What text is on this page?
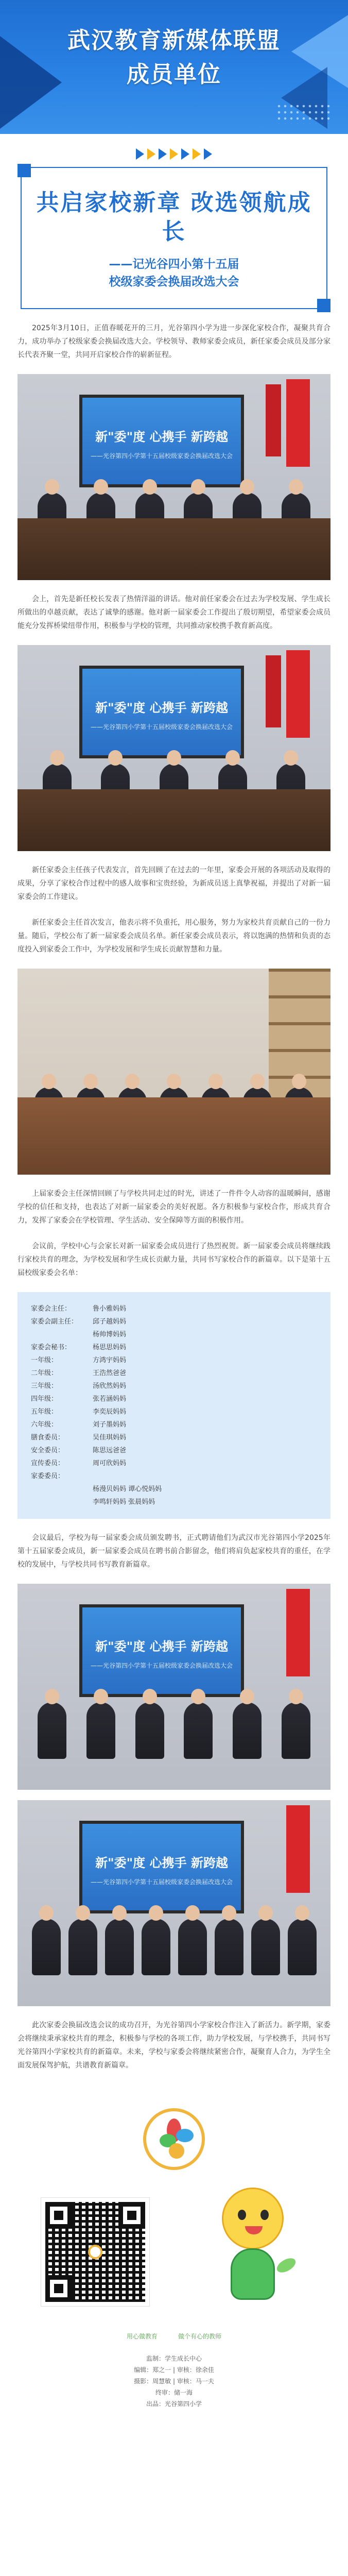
武汉教育新媒体联盟
成员单位
共启家校新章 改选领航成长
——记光谷四小第十五届
校级家委会换届改选大会

2025年3月10日，正值春暖花开的三月，光谷第四小学为进一步深化家校合作，凝聚共育合力，成功举办了校级家委会换届改选大会。学校领导、教师家委会成员，新任家委会成员及部分家长代表齐聚一堂，共同开启家校合作的崭新征程。

新"委"度 心携手 新跨越
——光谷第四小学第十五届校级家委会换届改选大会

会上，首先是新任校长发表了热情洋溢的讲话。他对前任家委会在过去为学校发展、学生成长所做出的卓越贡献，表达了诚挚的感谢。他对新一届家委会工作提出了殷切期望，希望家委会成员能充分发挥桥梁纽带作用，积极参与学校的管理，共同推动家校携手教育新高度。

新"委"度 心携手 新跨越
——光谷第四小学第十五届校级家委会换届改选大会

新任家委会主任孩子代表发言，首先回顾了在过去的一年里，家委会开展的各项活动及取得的成果，分享了家校合作过程中的感人故事和宝贵经验，为新成员送上真挚祝福，并提出了对新一届家委会的工作建议。

新任家委会主任首次发言，他表示将不负重托，用心服务，努力为家校共育贡献自己的一份力量。随后，学校公布了新一届家委会成员名单。新任家委会成员表示，将以饱满的热情和负责的态度投入到家委会工作中，为学校发展和学生成长贡献智慧和力量。

上届家委会主任深情回顾了与学校共同走过的时光，讲述了一件件令人动容的温暖瞬间，感谢学校的信任和支持，也表达了对新一届家委会的美好祝愿。各方积极参与家校合作，形成共育合力，发挥了家委会在学校管理、学生活动、安全保障等方面的积极作用。

会议前，学校中心与会家长对新一届家委会成员进行了热烈祝贺。新一届家委会成员将继续践行家校共育的理念，为学校发展和学生成长贡献力量，共同书写家校合作的新篇章。以下是第十五届校级家委会名单：

家委会主任：	鲁小雅妈妈
家委会副主任：	邱子越妈妈
杨帅博妈妈
家委会秘书：	杨思思妈妈
一年级：	方鸿宇妈妈
二年级：	王浩然爸爸
三年级：	汤欣然妈妈
四年级：	张若涵妈妈
五年级：	李奕辰妈妈
六年级：	刘子墨妈妈
膳食委员：	吴佳琪妈妈
安全委员：	陈思远爸爸
宣传委员：	周可欣妈妈
家委委员：
杨漫贝妈妈 谭心悦妈妈
李鸣轩妈妈 张晨妈妈

会议最后，学校为每一届家委会成员颁发聘书，正式聘请他们为武汉市光谷第四小学2025年第十五届家委会成员，新一届家委会成员在聘书前合影留念，他们将肩负起家校共育的重任，在学校的发展中，与学校共同书写教育新篇章。

新"委"度 心携手 新跨越
——光谷第四小学第十五届校级家委会换届改选大会
新"委"度 心携手 新跨越
——光谷第四小学第十五届校级家委会换届改选大会

此次家委会换届改选会议的成功召开，为光谷第四小学家校合作注入了新活力。新学期，家委会将继续秉承家校共育的理念，积极参与学校的各项工作，助力学校发展，与学校携手，共同书写光谷第四小学家校共育的新篇章。未来，学校与家委会将继续紧密合作，凝聚育人合力，为学生全面发展保驾护航，共谱教育新篇章。

用心做教育	做个有心的教师
监制：学生成长中心
编辑：郑之一 | 审核：徐余佳
摄影：周慧敏 | 审核：马一夫
终审：储一海
出品：光谷第四小学
